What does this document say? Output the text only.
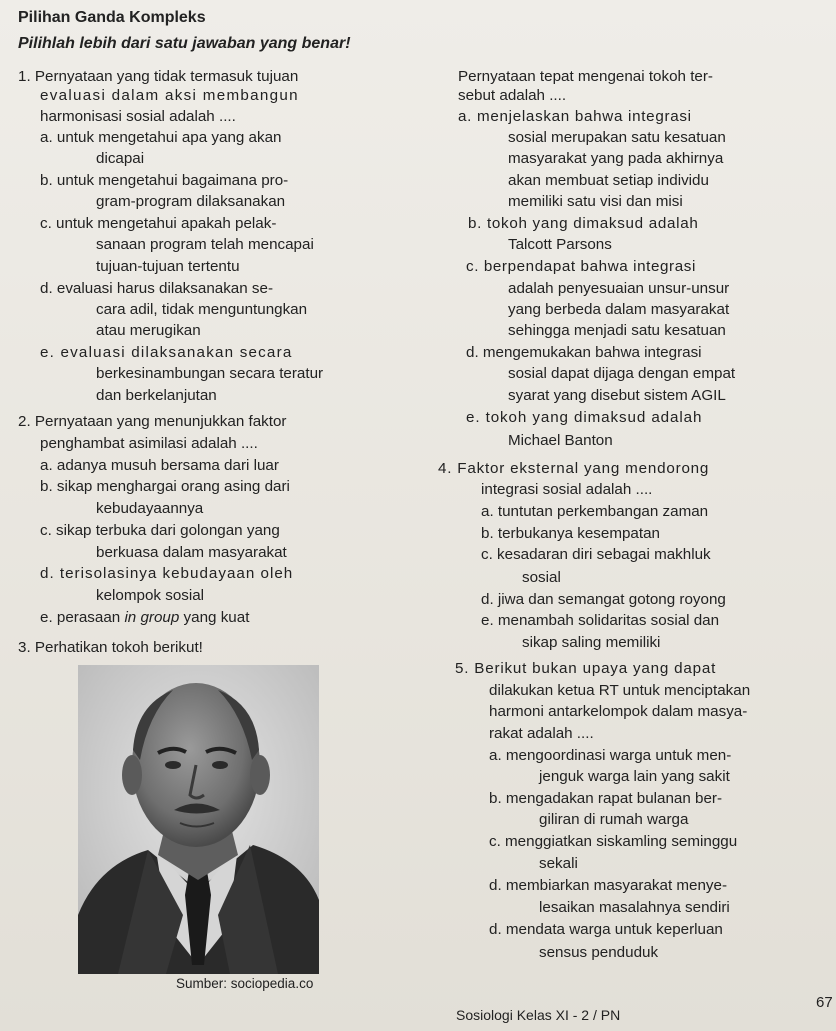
Pilihan Ganda Kompleks
Pilihlah lebih dari satu jawaban yang benar!
1. Pernyataan yang tidak termasuk tujuan
evaluasi dalam aksi membangun
harmonisasi sosial adalah ....
a. untuk mengetahui apa yang akan
dicapai
b. untuk mengetahui bagaimana pro-
gram-program dilaksanakan
c. untuk mengetahui apakah pelak-
sanaan program telah mencapai
tujuan-tujuan tertentu
d. evaluasi harus dilaksanakan se-
cara adil, tidak menguntungkan
atau merugikan
e. evaluasi dilaksanakan secara
berkesinambungan secara teratur
dan berkelanjutan
2. Pernyataan yang menunjukkan faktor
penghambat asimilasi adalah ....
a. adanya musuh bersama dari luar
b. sikap menghargai orang asing dari
kebudayaannya
c. sikap terbuka dari golongan yang
berkuasa dalam masyarakat
d. terisolasinya kebudayaan oleh
kelompok sosial
e. perasaan in group yang kuat
3. Perhatikan tokoh berikut!
Sumber: sociopedia.co
Pernyataan tepat mengenai tokoh ter-
sebut adalah ....
a. menjelaskan bahwa integrasi
sosial merupakan satu kesatuan
masyarakat yang pada akhirnya
akan membuat setiap individu
memiliki satu visi dan misi
b. tokoh yang dimaksud adalah
Talcott Parsons
c. berpendapat bahwa integrasi
adalah penyesuaian unsur-unsur
yang berbeda dalam masyarakat
sehingga menjadi satu kesatuan
d. mengemukakan bahwa integrasi
sosial dapat dijaga dengan empat
syarat yang disebut sistem AGIL
e. tokoh yang dimaksud adalah
Michael Banton
4. Faktor eksternal yang mendorong
integrasi sosial adalah ....
a. tuntutan perkembangan zaman
b. terbukanya kesempatan
c. kesadaran diri sebagai makhluk
sosial
d. jiwa dan semangat gotong royong
e. menambah solidaritas sosial dan
sikap saling memiliki
5. Berikut bukan upaya yang dapat
dilakukan ketua RT untuk menciptakan
harmoni antarkelompok dalam masya-
rakat adalah ....
a. mengoordinasi warga untuk men-
jenguk warga lain yang sakit
b. mengadakan rapat bulanan ber-
giliran di rumah warga
c. menggiatkan siskamling seminggu
sekali
d. membiarkan masyarakat menye-
lesaikan masalahnya sendiri
d. mendata warga untuk keperluan
sensus penduduk
Sosiologi Kelas XI - 2 / PN
67
